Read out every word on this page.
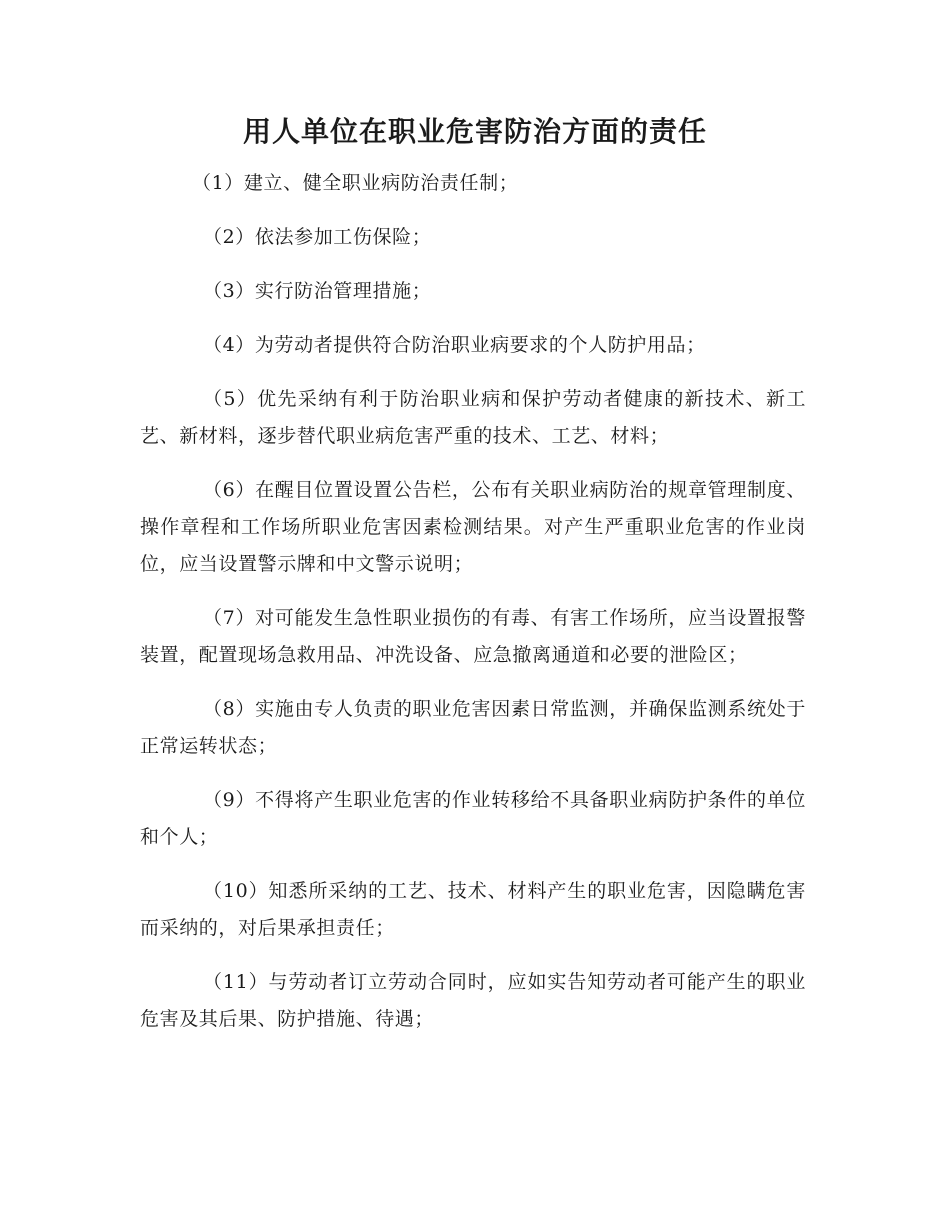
用人单位在职业危害防治方面的责任

（1）建立、健全职业病防治责任制；

（2）依法参加工伤保险；

（3）实行防治管理措施；

（4）为劳动者提供符合防治职业病要求的个人防护用品；

（5）优先采纳有利于防治职业病和保护劳动者健康的新技术、新工艺、新材料，逐步替代职业病危害严重的技术、工艺、材料；

（6）在醒目位置设置公告栏，公布有关职业病防治的规章管理制度、操作章程和工作场所职业危害因素检测结果。对产生严重职业危害的作业岗位，应当设置警示牌和中文警示说明；

（7）对可能发生急性职业损伤的有毒、有害工作场所，应当设置报警装置，配置现场急救用品、冲洗设备、应急撤离通道和必要的泄险区；

（8）实施由专人负责的职业危害因素日常监测，并确保监测系统处于正常运转状态；

（9）不得将产生职业危害的作业转移给不具备职业病防护条件的单位和个人；

（10）知悉所采纳的工艺、技术、材料产生的职业危害，因隐瞒危害而采纳的，对后果承担责任；

（11）与劳动者订立劳动合同时，应如实告知劳动者可能产生的职业危害及其后果、防护措施、待遇；
